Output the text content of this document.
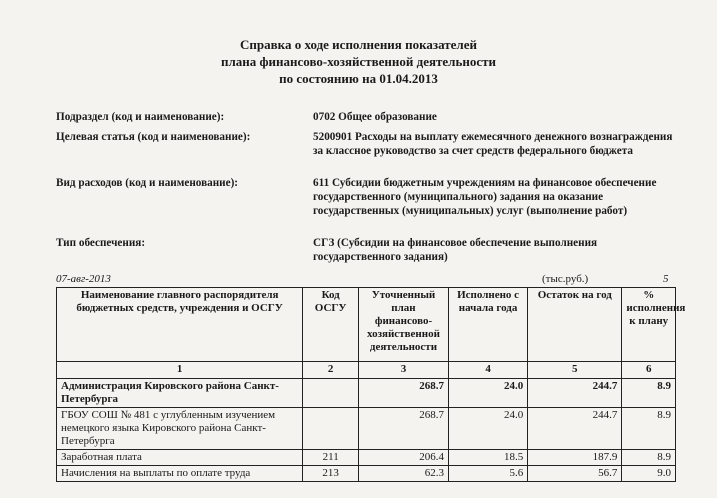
Справка о ходе исполнения показателей
плана финансово-хозяйственной деятельности
по состоянию на 01.04.2013
Подраздел (код и наименование):	0702 Общее образование
Целевая статья (код и наименование):	5200901 Расходы на выплату ежемесячного денежного вознаграждения за классное руководство за счет средств федерального бюджета
Вид расходов (код и наименование):	611 Субсидии бюджетным учреждениям на финансовое обеспечение государственного (муниципального) задания на оказание государственных (муниципальных) услуг (выполнение работ)
Тип обеспечения:	СГЗ (Субсидии на финансовое обеспечение выполнения государственного задания)
07-авг-2013	(тыс.руб.)	5
Наименование главного распорядителя бюджетных средств, учреждения и ОСГУ	Код ОСГУ	Уточненный план финансово-хозяйственной деятельности	Исполнено с начала года	Остаток на год	% исполнения к плану
1	2	3	4	5	6
Администрация Кировского района Санкт-Петербурга		268.7	24.0	244.7	8.9
ГБОУ СОШ № 481 с углубленным изучением немецкого языка Кировского района Санкт-Петербурга		268.7	24.0	244.7	8.9
Заработная плата	211	206.4	18.5	187.9	8.9
Начисления на выплаты по оплате труда	213	62.3	5.6	56.7	9.0
